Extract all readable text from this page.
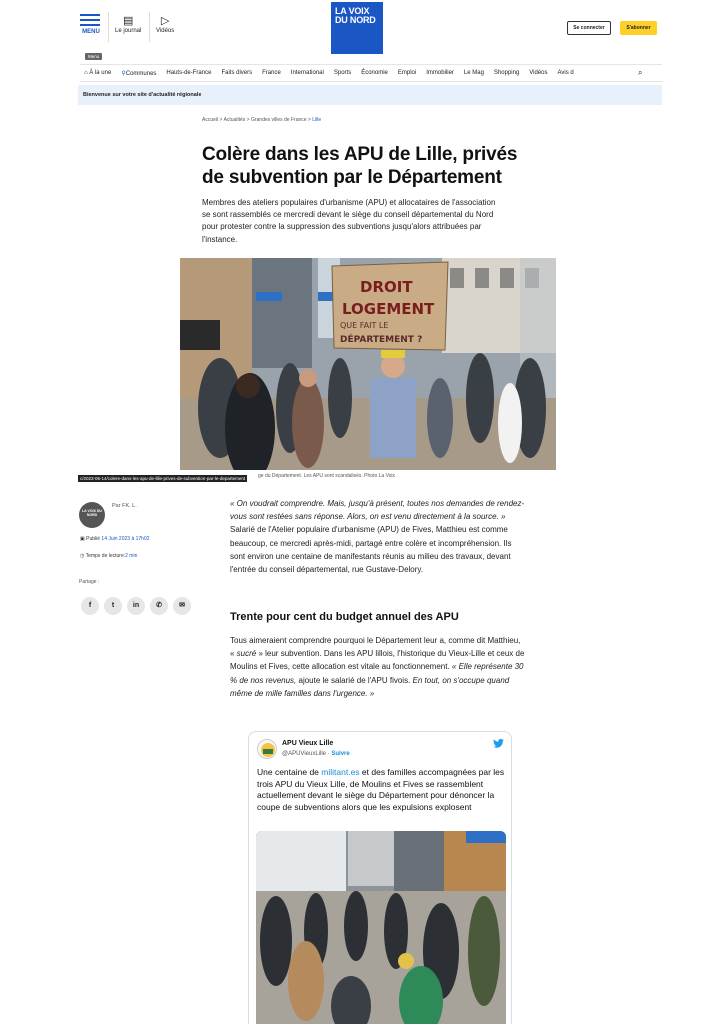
MENU
▤
Le journal
▷
Vidéos
Menu
LA VOIX DU NORD
Se connecter	S'abonner
⌂ À la une ⚲Communes Hauts-de-France Faits divers France International Sports Économie Emploi Immobilier Le Mag Shopping Vidéos Avis d	⌕
Bienvenue sur votre site d'actualité régionale
Accueil > Actualités > Grandes villes de France > Lille
Colère dans les APU de Lille, privés de subvention par le Département

Membres des ateliers populaires d'urbanisme (APU) et allocataires de l'association se sont rassemblés ce mercredi devant le siège du conseil départemental du Nord pour protester contre la suppression des subventions jusqu'alors attribuées par l'instance.

DROIT
LOGEMENT
QUE FAIT LE
DÉPARTEMENT ?
ge du Département. Les APU sont scandalisés. Photo La Voix
c/2023-06-14/colere-dans-les-apu-de-lille-prives-de-subvention-par-le-departement
LA VOIX DU NORD
Par FK. L.
▣ Publié 14 Juin 2023 à 17h02
◷ Temps de lecture:2 min
Partage :
f	t	in	✆	✉

« On voudrait comprendre. Mais, jusqu'à présent, toutes nos demandes de rendez-vous sont restées sans réponse. Alors, on est venu directement à la source. » Salarié de l'Atelier populaire d'urbanisme (APU) de Fives, Matthieu est comme beaucoup, ce mercredi après-midi, partagé entre colère et incompréhension. Ils sont environ une centaine de manifestants réunis au milieu des travaux, devant l'entrée du conseil départemental, rue Gustave-Delory.

Trente pour cent du budget annuel des APU

Tous aimeraient comprendre pourquoi le Département leur a, comme dit Matthieu, « sucré » leur subvention. Dans les APU lillois, l'historique du Vieux-Lille et ceux de Moulins et Fives, cette allocation est vitale au fonctionnement. « Elle représente 30 % de nos revenus, ajoute le salarié de l'APU fivois. En tout, on s'occupe quand même de mille familles dans l'urgence. »

APU Vieux Lille
@APUVieuxLille · Suivre

Une centaine de militant.es et des familles accompagnées par les trois APU du Vieux Lille, de Moulins et Fives se rassemblent actuellement devant le siège du Département pour dénoncer la coupe de subventions alors que les expulsions explosent
